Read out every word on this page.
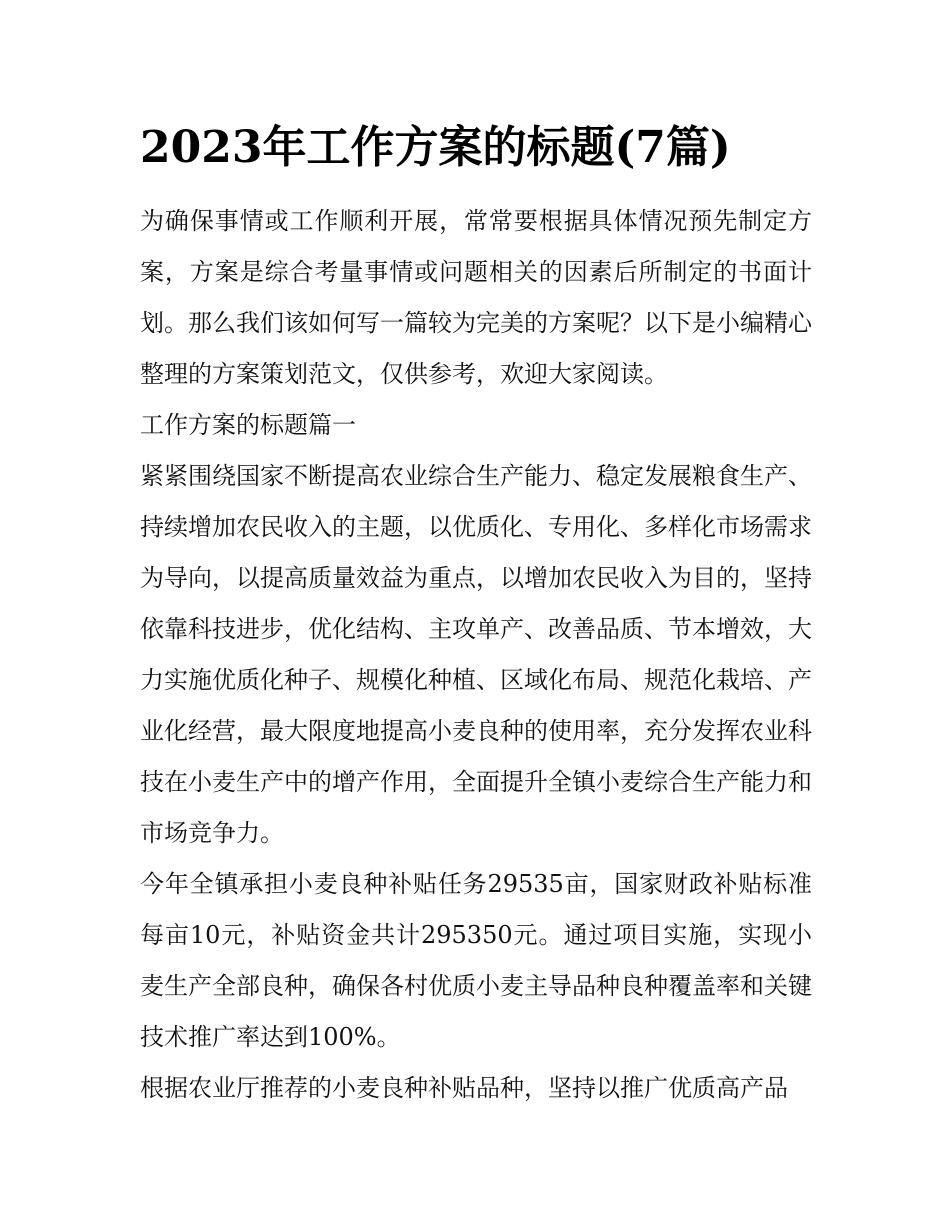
2023年工作方案的标题(7篇)

为确保事情或工作顺利开展，常常要根据具体情况预先制定方案，方案是综合考量事情或问题相关的因素后所制定的书面计划。那么我们该如何写一篇较为完美的方案呢？以下是小编精心整理的方案策划范文，仅供参考，欢迎大家阅读。

工作方案的标题篇一

紧紧围绕国家不断提高农业综合生产能力、稳定发展粮食生产、持续增加农民收入的主题，以优质化、专用化、多样化市场需求为导向，以提高质量效益为重点，以增加农民收入为目的，坚持依靠科技进步，优化结构、主攻单产、改善品质、节本增效，大力实施优质化种子、规模化种植、区域化布局、规范化栽培、产业化经营，最大限度地提高小麦良种的使用率，充分发挥农业科技在小麦生产中的增产作用，全面提升全镇小麦综合生产能力和市场竞争力。

今年全镇承担小麦良种补贴任务29535亩，国家财政补贴标准每亩10元，补贴资金共计295350元。通过项目实施，实现小麦生产全部良种，确保各村优质小麦主导品种良种覆盖率和关键技术推广率达到100%。

根据农业厅推荐的小麦良种补贴品种，坚持以推广优质高产品
